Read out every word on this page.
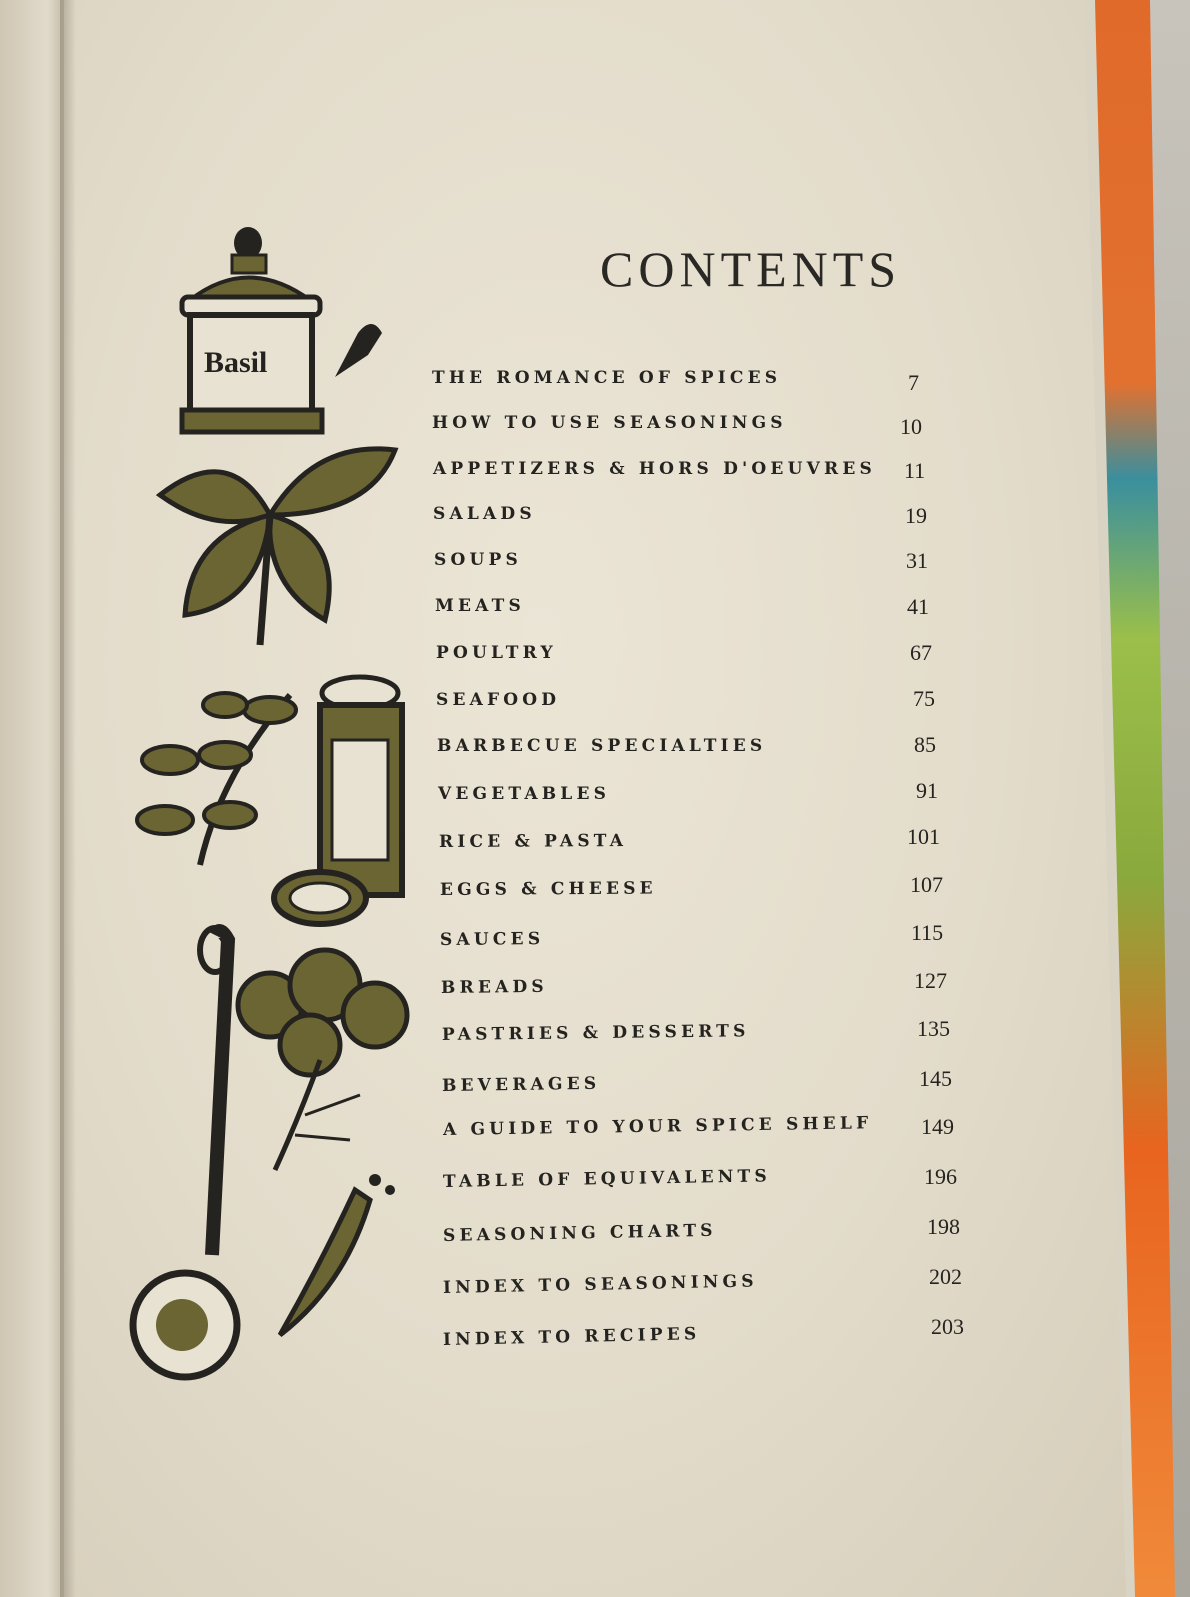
CONTENTS
Basil	THE ROMANCE OF SPICES	7
HOW TO USE SEASONINGS	10
APPETIZERS & HORS D'OEUVRES 11
SALADS	19
SOUPS	31
MEATS	41
POULTRY	67
SEAFOOD	75
BARBECUE SPECIALTIES	85
VEGETABLES	91
RICE & PASTA	101
EGGS & CHEESE	107
SAUCES	115
BREADS	127
PASTRIES & DESSERTS	135
BEVERAGES	145
A GUIDE TO YOUR SPICE SHELF 149
TABLE OF EQUIVALENTS	196
SEASONING CHARTS	198
INDEX TO SEASONINGS	202
INDEX TO RECIPES	203
